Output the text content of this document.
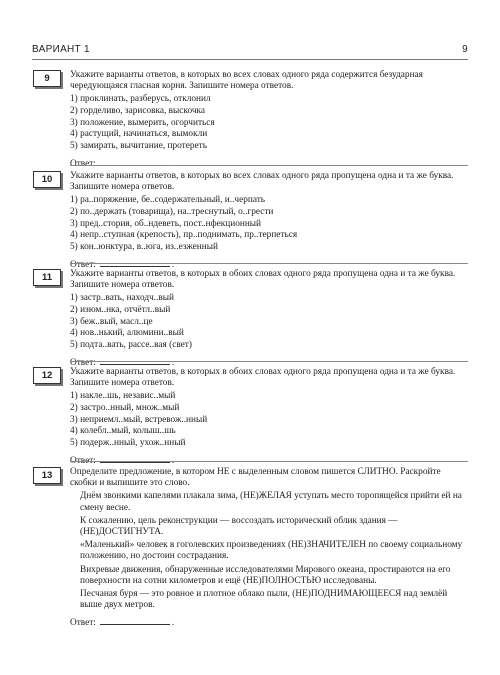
ВАРИАНТ 1	9
9	Укажите варианты ответов, в которых во всех словах одного ряда содержится безударная чередующаяся гласная корня. Запишите номера ответов.

1) проклинать, разберусь, отклонил
2) горделиво, зарисовка, выскочка
3) положение, вымерить, огорчиться
4) растущий, начинаться, вымокли
5) замирать, вычитание, протереть
Ответ:	.
10	Укажите варианты ответов, в которых во всех словах одного ряда пропущена одна и та же буква. Запишите номера ответов.

1) ра..поряжение, бе..содержательный, и..черпать
2) по..держать (товарища), на..треснутый, о..грести
3) пред..стория, об..ндеветь, пост..нфекционный
4) непр..ступная (крепость), пр..поднимать, пр..терпеться
5) кон..юнктура, в..юга, из..езженный
Ответ:	.
11	Укажите варианты ответов, в которых в обоих словах одного ряда пропущена одна и та же буква. Запишите номера ответов.

1) застр..вать, находч..вый
2) изюм..нка, отчётл..вый
3) беж..вый, масл..це
4) нов..нький, алюмини..вый
5) подта..вать, рассе..вая (свет)
Ответ:	.
12	Укажите варианты ответов, в которых в обоих словах одного ряда пропущена одна и та же буква. Запишите номера ответов.

1) накле..шь, независ..мый
2) застро..нный, множ..мый
3) неприемл..мый, встревож..нный
4) колебл..мый, колыш..шь
5) подерж..нный, ухож..нный
Ответ:	.
13	Определите предложение, в котором НЕ с выделенным словом пишется СЛИТНО. Раскройте скобки и выпишите это слово.

Днём звонкими капелями плакала зима, (НЕ)ЖЕЛАЯ уступать место торопящейся прийти ей на смену весне.

К сожалению, цель реконструкции — воссоздать исторический облик здания — (НЕ)ДОСТИГНУТА.

«Маленький» человек в гоголевских произведениях (НЕ)ЗНАЧИТЕЛЕН по своему социальному положению, но достоин сострадания.

Вихревые движения, обнаруженные исследователями Мирового океана, простираются на его поверхности на сотни километров и ещё (НЕ)ПОЛНОСТЬЮ исследованы.

Песчаная буря — это ровное и плотное облако пыли, (НЕ)ПОДНИМАЮЩЕЕСЯ над землёй выше двух метров.

Ответ:	.
